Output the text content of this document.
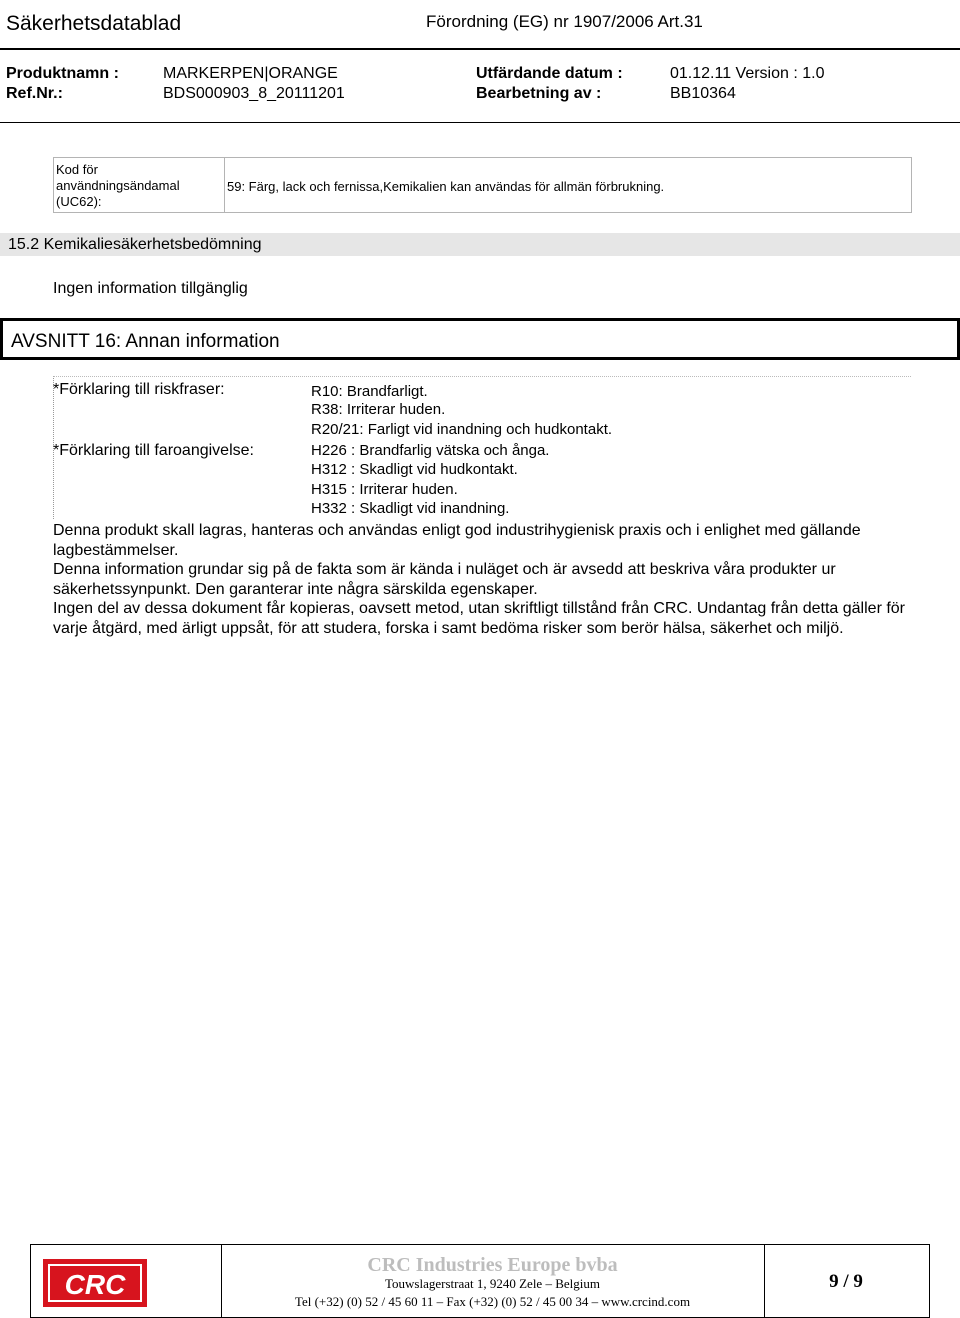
Säkerhetsdatablad	Förordning (EG) nr 1907/2006 Art.31
Produktnamn :	MARKERPEN|ORANGE	Utfärdande datum :	01.12.11 Version : 1.0
Ref.Nr.:	BDS000903_8_20111201	Bearbetning av :	BB10364
Kod för användningsändamal (UC62):
59: Färg, lack och fernissa,Kemikalien kan användas för allmän förbrukning.
15.2 Kemikaliesäkerhetsbedömning
Ingen information tillgänglig
AVSNITT 16: Annan information
*Förklaring till riskfraser:	R10: Brandfarligt.
R38: Irriterar huden.
R20/21: Farligt vid inandning och hudkontakt.
*Förklaring till faroangivelse:	H226 : Brandfarlig vätska och ånga.
H312 : Skadligt vid hudkontakt.
H315 : Irriterar huden.
H332 : Skadligt vid inandning.
Denna produkt skall lagras, hanteras och användas enligt god industrihygienisk praxis och i enlighet med gällande lagbestämmelser.
Denna information grundar sig på de fakta som är kända i nuläget och är avsedd att beskriva våra produkter ur säkerhetssynpunkt. Den garanterar inte några särskilda egenskaper.
Ingen del av dessa dokument får kopieras, oavsett metod, utan skriftligt tillstånd från CRC. Undantag från detta gäller för varje åtgärd, med ärligt uppsåt, för att studera, forska i samt bedöma risker som berör hälsa, säkerhet och miljö.
CRC
CRC Industries Europe bvba
Touwslagerstraat 1, 9240 Zele – Belgium
Tel (+32) (0) 52 / 45 60 11 – Fax (+32) (0) 52 / 45 00 34 – www.crcind.com
9 / 9
